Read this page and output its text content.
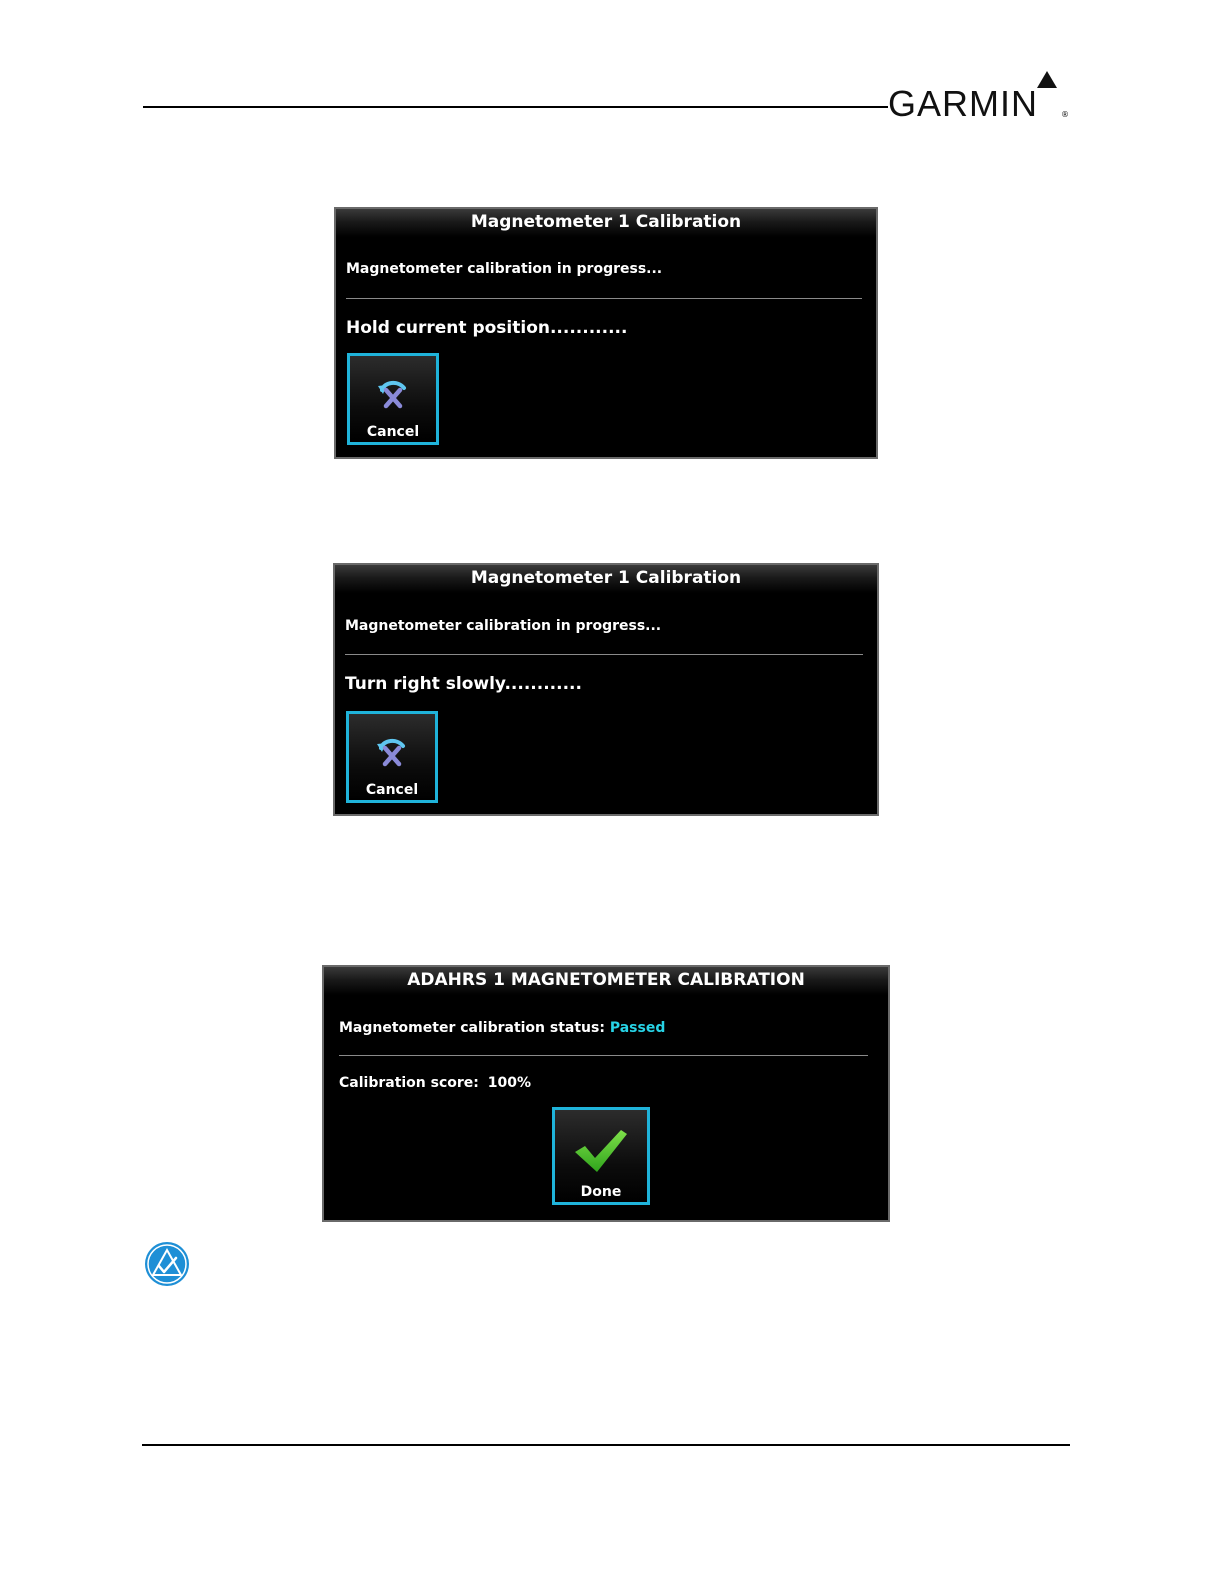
GARMIN	®
Magnetometer 1 Calibration
Magnetometer calibration in progress...
Hold current position............
Cancel
Magnetometer 1 Calibration
Magnetometer calibration in progress...
Turn right slowly............
Cancel
ADAHRS 1 MAGNETOMETER CALIBRATION
Magnetometer calibration status: Passed
Calibration score: 100%
Done
